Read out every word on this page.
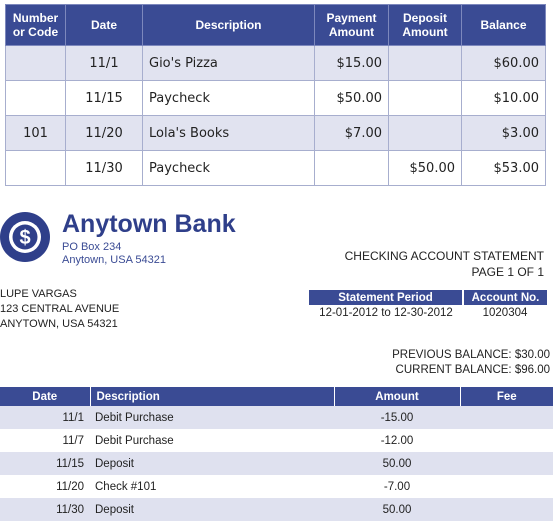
Number or Code	Date	Description	Payment Amount	Deposit Amount	Balance
	11/1	Gio's Pizza	$15.00		$60.00
	11/15	Paycheck	$50.00		$10.00
101	11/20	Lola's Books	$7.00		$3.00
	11/30	Paycheck		$50.00	$53.00
$ Anytown Bank
PO Box 234
Anytown, USA 54321	CHECKING ACCOUNT STATEMENT
PAGE 1 OF 1
LUPE VARGAS
123 CENTRAL AVENUE
ANYTOWN, USA 54321
Statement Period	Account No.
12-01-2012 to 12-30-2012	1020304
PREVIOUS BALANCE: $30.00
CURRENT BALANCE: $96.00
Date	Description	Amount	Fee
11/1	Debit Purchase	-15.00	
11/7	Debit Purchase	-12.00	
11/15	Deposit	50.00	
11/20	Check #101	-7.00	
11/30	Deposit	50.00	
